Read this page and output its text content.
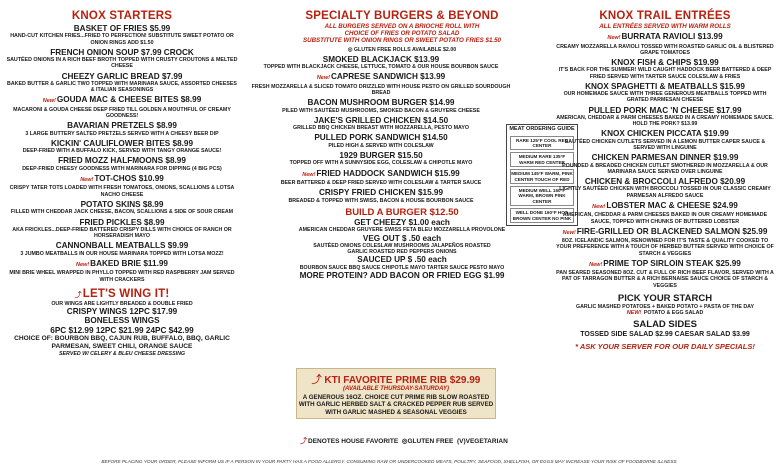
KNOX STARTERS
BASKET OF FRIES $5.99
HAND-CUT KITCHEN FRIES...FRIED TO PERFECTION! SUBSTITUTE SWEET POTATO OR ONION RINGS ADD $1.50
FRENCH ONION SOUP $7.99 CROCK
SAUTÉED ONIONS IN A RICH BEEF BROTH TOPPED WITH CRUSTY CROUTONS & MELTED CHEESE
CHEEZY GARLIC BREAD $7.99
BAKED BUTTER & GARLIC TWO TOPPED WITH MARINARA SAUCE, ASSORTED CHEESES & ITALIAN SEASONINGS
New!GOUDA MAC & CHEESE BITES $8.99
MACARONI & GOUDA CHEESE DEEP FRIED TILL GOLDEN A MOUTHFUL OF CREAMY GOODNESS!
BAVARIAN PRETZELS $8.99
3 LARGE BUTTERY SALTED PRETZELS SERVED WITH A CHEESY BEER DIP
KICKIN' CAULIFLOWER BITES $8.99
DEEP-FRIED WITH A BUFFALO KICK, SERVED WITH TANGY ORANGE SAUCE!
FRIED MOZZ HALFMOONS $8.99
DEEP-FRIED CHEESY GOODNESS WITH MARINARA FOR DIPPING (4 BIG PCS)
New!TOT-CHOS $10.99
CRISPY TATER TOTS LOADED WITH FRESH TOMATOES, ONIONS, SCALLIONS & LOTSA NACHO CHEESE
POTATO SKINS $8.99
FILLED WITH CHEDDAR JACK CHEESE, BACON, SCALLIONS & SIDE OF SOUR CREAM
FRIED PICKLES $8.99
AKA FRICKLES...DEEP-FRIED BATTERED CRISPY DILLS WITH CHOICE OF RANCH OR HORSERADISH MAYO
CANNONBALL MEATBALLS $9.99
3 JUMBO MEATBALLS IN OUR HOUSE MARINARA TOPPED WITH LOTSA MOZZ!
New!BAKED BRIE $11.99
MINI BRIE WHEEL WRAPPED IN PHYLLO TOPPED WITH RED RASPBERRY JAM SERVED WITH CRACKERS
⤴LET'S WING IT!
OUR WINGS ARE LIGHTLY BREADED & DOUBLE FRIED
CRISPY WINGS 12PC $17.99
BONELESS WINGS
6PC $12.99 12PC $21.99 24PC $42.99
CHOICE OF: BOURBON BBQ, CAJUN RUB, BUFFALO, BBQ, GARLIC PARMESAN, SWEET CHILI, ORANGE SAUCE
SERVED W/ CELERY & BLEU CHEESE DRESSING
SPECIALTY BURGERS & BEYOND
ALL BURGERS SERVED ON A BRIOCHE ROLL WITH
CHOICE OF FRIES OR POTATO SALAD
SUBSTITUTE WITH ONION RINGS OR SWEET POTATO FRIES $1.50
◎ GLUTEN FREE ROLLS AVAILABLE $2.00
SMOKED BLACKJACK $13.99
TOPPED WITH BLACKJACK CHEESE, LETTUCE, TOMATO & OUR HOUSE BOURBON SAUCE
New!CAPRESE SANDWICH $13.99
FRESH MOZZARELLA & SLICED TOMATO DRIZZLED WITH HOUSE PESTO ON GRILLED SOURDOUGH BREAD
BACON MUSHROOM BURGER $14.99
PILED WITH SAUTÉED MUSHROOMS, SMOKED BACON & GRUYERE CHEESE
JAKE'S GRILLED CHICKEN $14.50
GRILLED BBQ CHICKEN BREAST WITH MOZZARELLA, PESTO MAYO
PULLED PORK SANDWICH $14.50
PILED HIGH & SERVED WITH COLESLAW
1929 BURGER $15.50
TOPPED OFF WITH A SUNNYSIDE EGG, COLESLAW & CHIPOTLE MAYO
New!FRIED HADDOCK SANDWICH $15.99
BEER BATTERED & DEEP FRIED SERVED WITH COLESLAW & TARTER SAUCE
CRISPY FRIED CHICKEN $15.99
BREADED & TOPPED WITH SWISS, BACON & HOUSE BOURBON SAUCE
BUILD A BURGER $12.50
GET CHEEZY $1.00 each
AMERICAN CHEDDAR GRUYERE SWISS FETA BLEU MOZZARELLA PROVOLONE
VEG OUT $ .50 each
SAUTÉED ONIONS COLESLAW MUSHROOMS JALAPEÑOS ROASTED GARLIC ROASTED RED PEPPERS ONIONS
SAUCED UP $ .50 each
BOURBON SAUCE BBQ SAUCE CHIPOTLE MAYO TARTER SAUCE PESTO MAYO
MORE PROTEIN? ADD BACON OR FRIED EGG $1.99
MEAT ORDERING GUIDE
RARE 125°F COOL RED CENTER
MEDIUM RARE 135°F WARM RED CENTER
MEDIUM 145°F WARM, PINK CENTER TOUCH OF RED
MEDIUM WELL 150°F WARM, BROWN PINK CENTER
WELL DONE 160°F HOT, BROWN CENTER NO PINK
⤴ KTI FAVORITE PRIME RIB $29.99
(AVAILABLE THURSDAY-SATURDAY)
A GENEROUS 16OZ. CHOICE CUT PRIME RIB SLOW ROASTED WITH GARLIC HERBED SALT & CRACKED PEPPER RUB SERVED WITH GARLIC MASHED & SEASONAL VEGGIES
⤴DENOTES HOUSE FAVORITE ◎GLUTEN FREE (V)VEGETARIAN
KNOX TRAIL ENTRÉES
ALL ENTRÉES SERVED WITH WARM ROLLS
New!BURRATA RAVIOLI $13.99
CREAMY MOZZARELLA RAVIOLI TOSSED WITH ROASTED GARLIC OIL & BLISTERED GRAPE TOMATOES
KNOX FISH & CHIPS $19.99
IT'S BACK FOR THE SUMMER! WILD CAUGHT HADDOCK BEER BATTERED & DEEP FRIED SERVED WITH TARTER SAUCE COLESLAW & FRIES
KNOX SPAGHETTI & MEATBALLS $15.99
OUR HOMEMADE SAUCE WITH THREE GENEROUS MEATBALLS TOPPED WITH GRATED PARMESAN CHEESE
PULLED PORK MAC 'N CHEESE $17.99
AMERICAN, CHEDDAR & PARM CHEESES BAKED IN A CREAMY HOMEMADE SAUCE. HOLD THE PORK? $13.99
KNOX CHICKEN PICCATA $19.99
SAUTÉED CHICKEN CUTLETS SERVED IN A LEMON BUTTER CAPER SAUCE & SERVED WITH LINGUINE
CHICKEN PARMESAN DINNER $19.99
POUNDED & BREADED CHICKEN CUTLET SMOTHERED IN MOZZARELLA & OUR MARINARA SAUCE SERVED OVER LINGUINE
CHICKEN & BROCCOLI ALFREDO $20.99
LIGHTLY SAUTÉED CHICKEN WITH BROCCOLI TOSSED IN OUR CLASSIC CREAMY PARMESAN ALFREDO SAUCE
New!LOBSTER MAC & CHEESE $24.99
AMERICAN, CHEDDAR & PARM CHEESES BAKED IN OUR CREAMY HOMEMADE SAUCE, TOPPED WITH CHUNKS OF BUTTERED LOBSTER
New!FIRE-GRILLED OR BLACKENED SALMON $25.99
8OZ. ICELANDIC SALMON, RENOWNED FOR IT'S TASTE & QUALITY COOKED TO YOUR PREFERENCE WITH A TOUCH OF HERBED BUTTER SERVED WITH CHOICE OF STARCH & VEGGIES
New!PRIME TOP SIRLOIN STEAK $25.99
PAN SEARED SEASONED 8OZ. CUT & FULL OF RICH BEEF FLAVOR, SERVED WITH A PAT OF TARRAGON BUTTER & A RICH BERNAISE SAUCE CHOICE OF STARCH & VEGGIES
PICK YOUR STARCH
GARLIC MASHED POTATOES + BAKED POTATO + PASTA OF THE DAY
NEW! POTATO & EGG SALAD
SALAD SIDES
TOSSED SIDE SALAD $2.99 CAESAR SALAD $3.99
* ASK YOUR SERVER FOR OUR DAILY SPECIALS!
BEFORE PLACING YOUR ORDER, PLEASE INFORM US IF A PERSON IN YOUR PARTY HAS A FOOD ALLERGY. CONSUMING RAW OR UNDERCOOKED MEATS, POULTRY, SEAFOOD, SHELLFISH, OR EGGS MAY INCREASE YOUR RISK OF FOODBORNE ILLNESS
